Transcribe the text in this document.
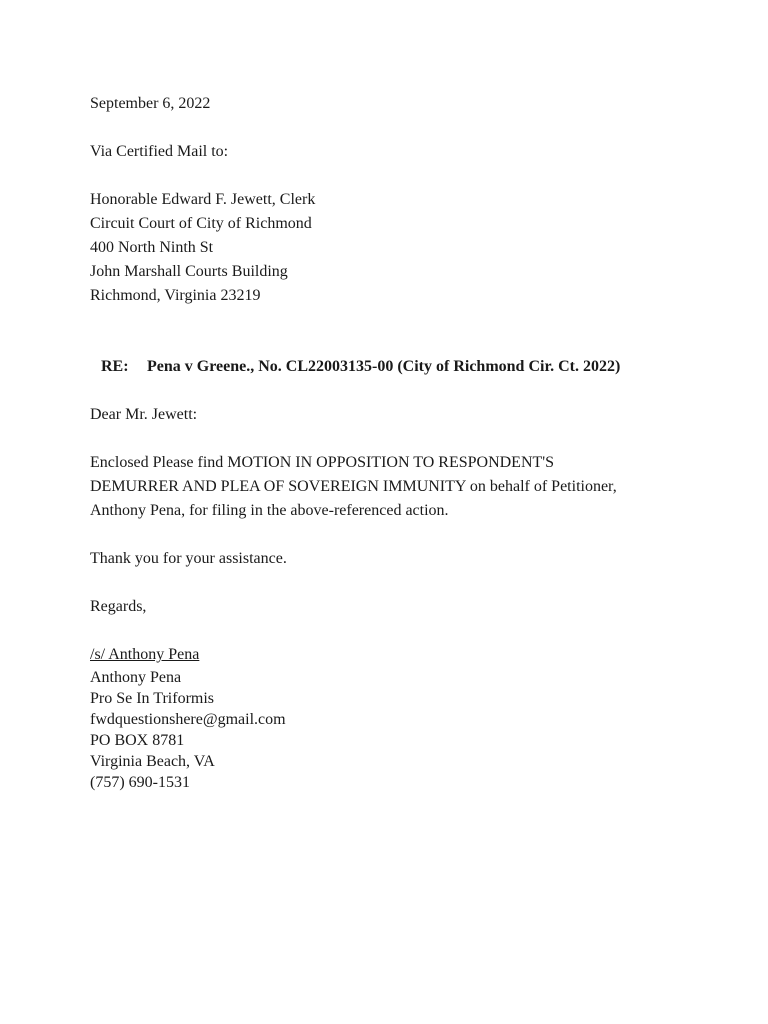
September 6, 2022
Via Certified Mail to:
Honorable Edward F. Jewett, Clerk
Circuit Court of City of Richmond
400 North Ninth St
John Marshall Courts Building
Richmond, Virginia 23219
RE: Pena v Greene., No. CL22003135-00 (City of Richmond Cir. Ct. 2022)
Dear Mr. Jewett:
Enclosed Please find MOTION IN OPPOSITION TO RESPONDENT'S
DEMURRER AND PLEA OF SOVEREIGN IMMUNITY on behalf of Petitioner,
Anthony Pena, for filing in the above-referenced action.
Thank you for your assistance.
Regards,
/s/ Anthony Pena
Anthony Pena
Pro Se In Triformis
fwdquestionshere@gmail.com
PO BOX 8781
Virginia Beach, VA
(757) 690-1531
